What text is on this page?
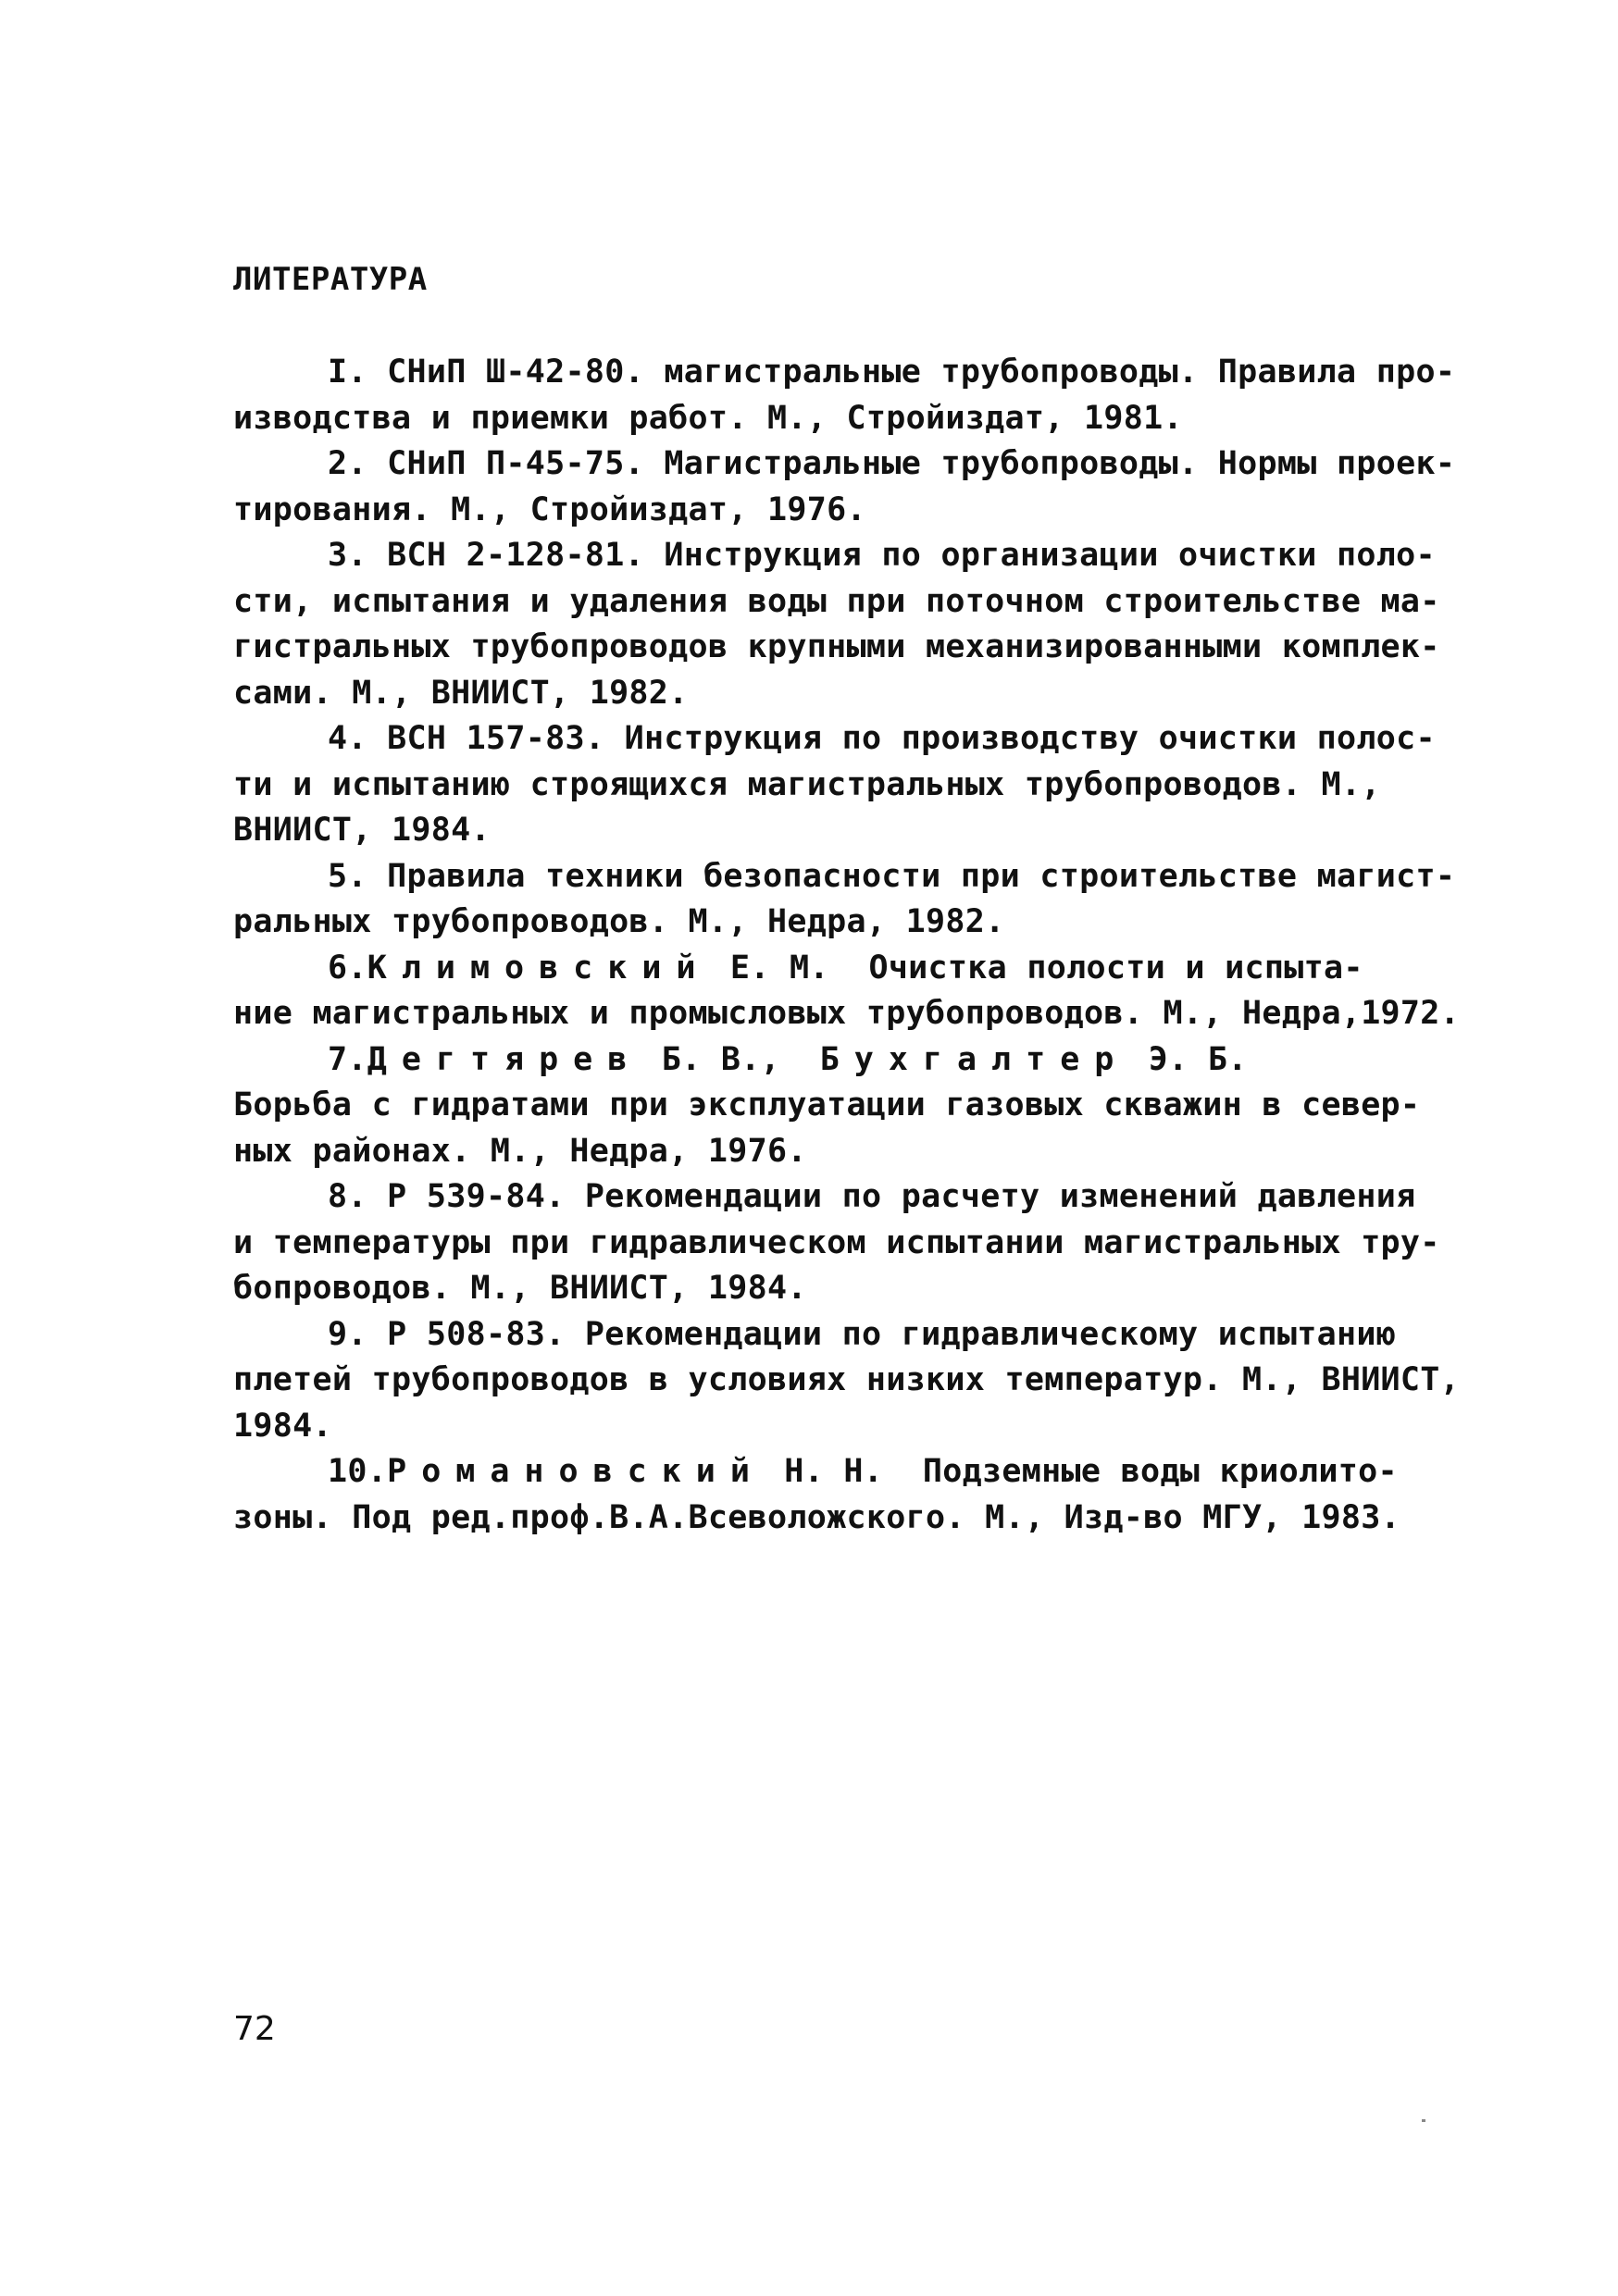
ЛИТЕРАТУРА
I. СНиП Ш-42-80. магистральные трубопроводы. Правила про-
изводства и приемки работ. М., Стройиздат, 1981.
2. СНиП П-45-75. Магистральные трубопроводы. Нормы проек-
тирования. М., Стройиздат, 1976.
3. ВСН 2-128-81. Инструкция по организации очистки поло-
сти, испытания и удаления воды при поточном строительстве ма-
гистральных трубопроводов крупными механизированными комплек-
сами. М., ВНИИСТ, 1982.
4. ВСН 157-83. Инструкция по производству очистки полос-
ти и испытанию строящихся магистральных трубопроводов. М.,
ВНИИСТ, 1984.
5. Правила техники безопасности при строительстве магист-
ральных трубопроводов. М., Недра, 1982.
6.Климовский Е. М.  Очистка полости и испыта-
ние магистральных и промысловых трубопроводов. М., Недра,1972.
7.Дегтярев Б. В.,  Бухгалтер Э. Б.
Борьба с гидратами при эксплуатации газовых скважин в север-
ных районах. М., Недра, 1976.
8. Р 539-84. Рекомендации по расчету изменений давления
и температуры при гидравлическом испытании магистральных тру-
бопроводов. М., ВНИИСТ, 1984.
9. Р 508-83. Рекомендации по гидравлическому испытанию
плетей трубопроводов в условиях низких температур. М., ВНИИСТ,
1984.
10.Романовский Н. Н.  Подземные воды криолито-
зоны. Под ред.проф.В.А.Всеволожского. М., Изд-во МГУ, 1983.
72
